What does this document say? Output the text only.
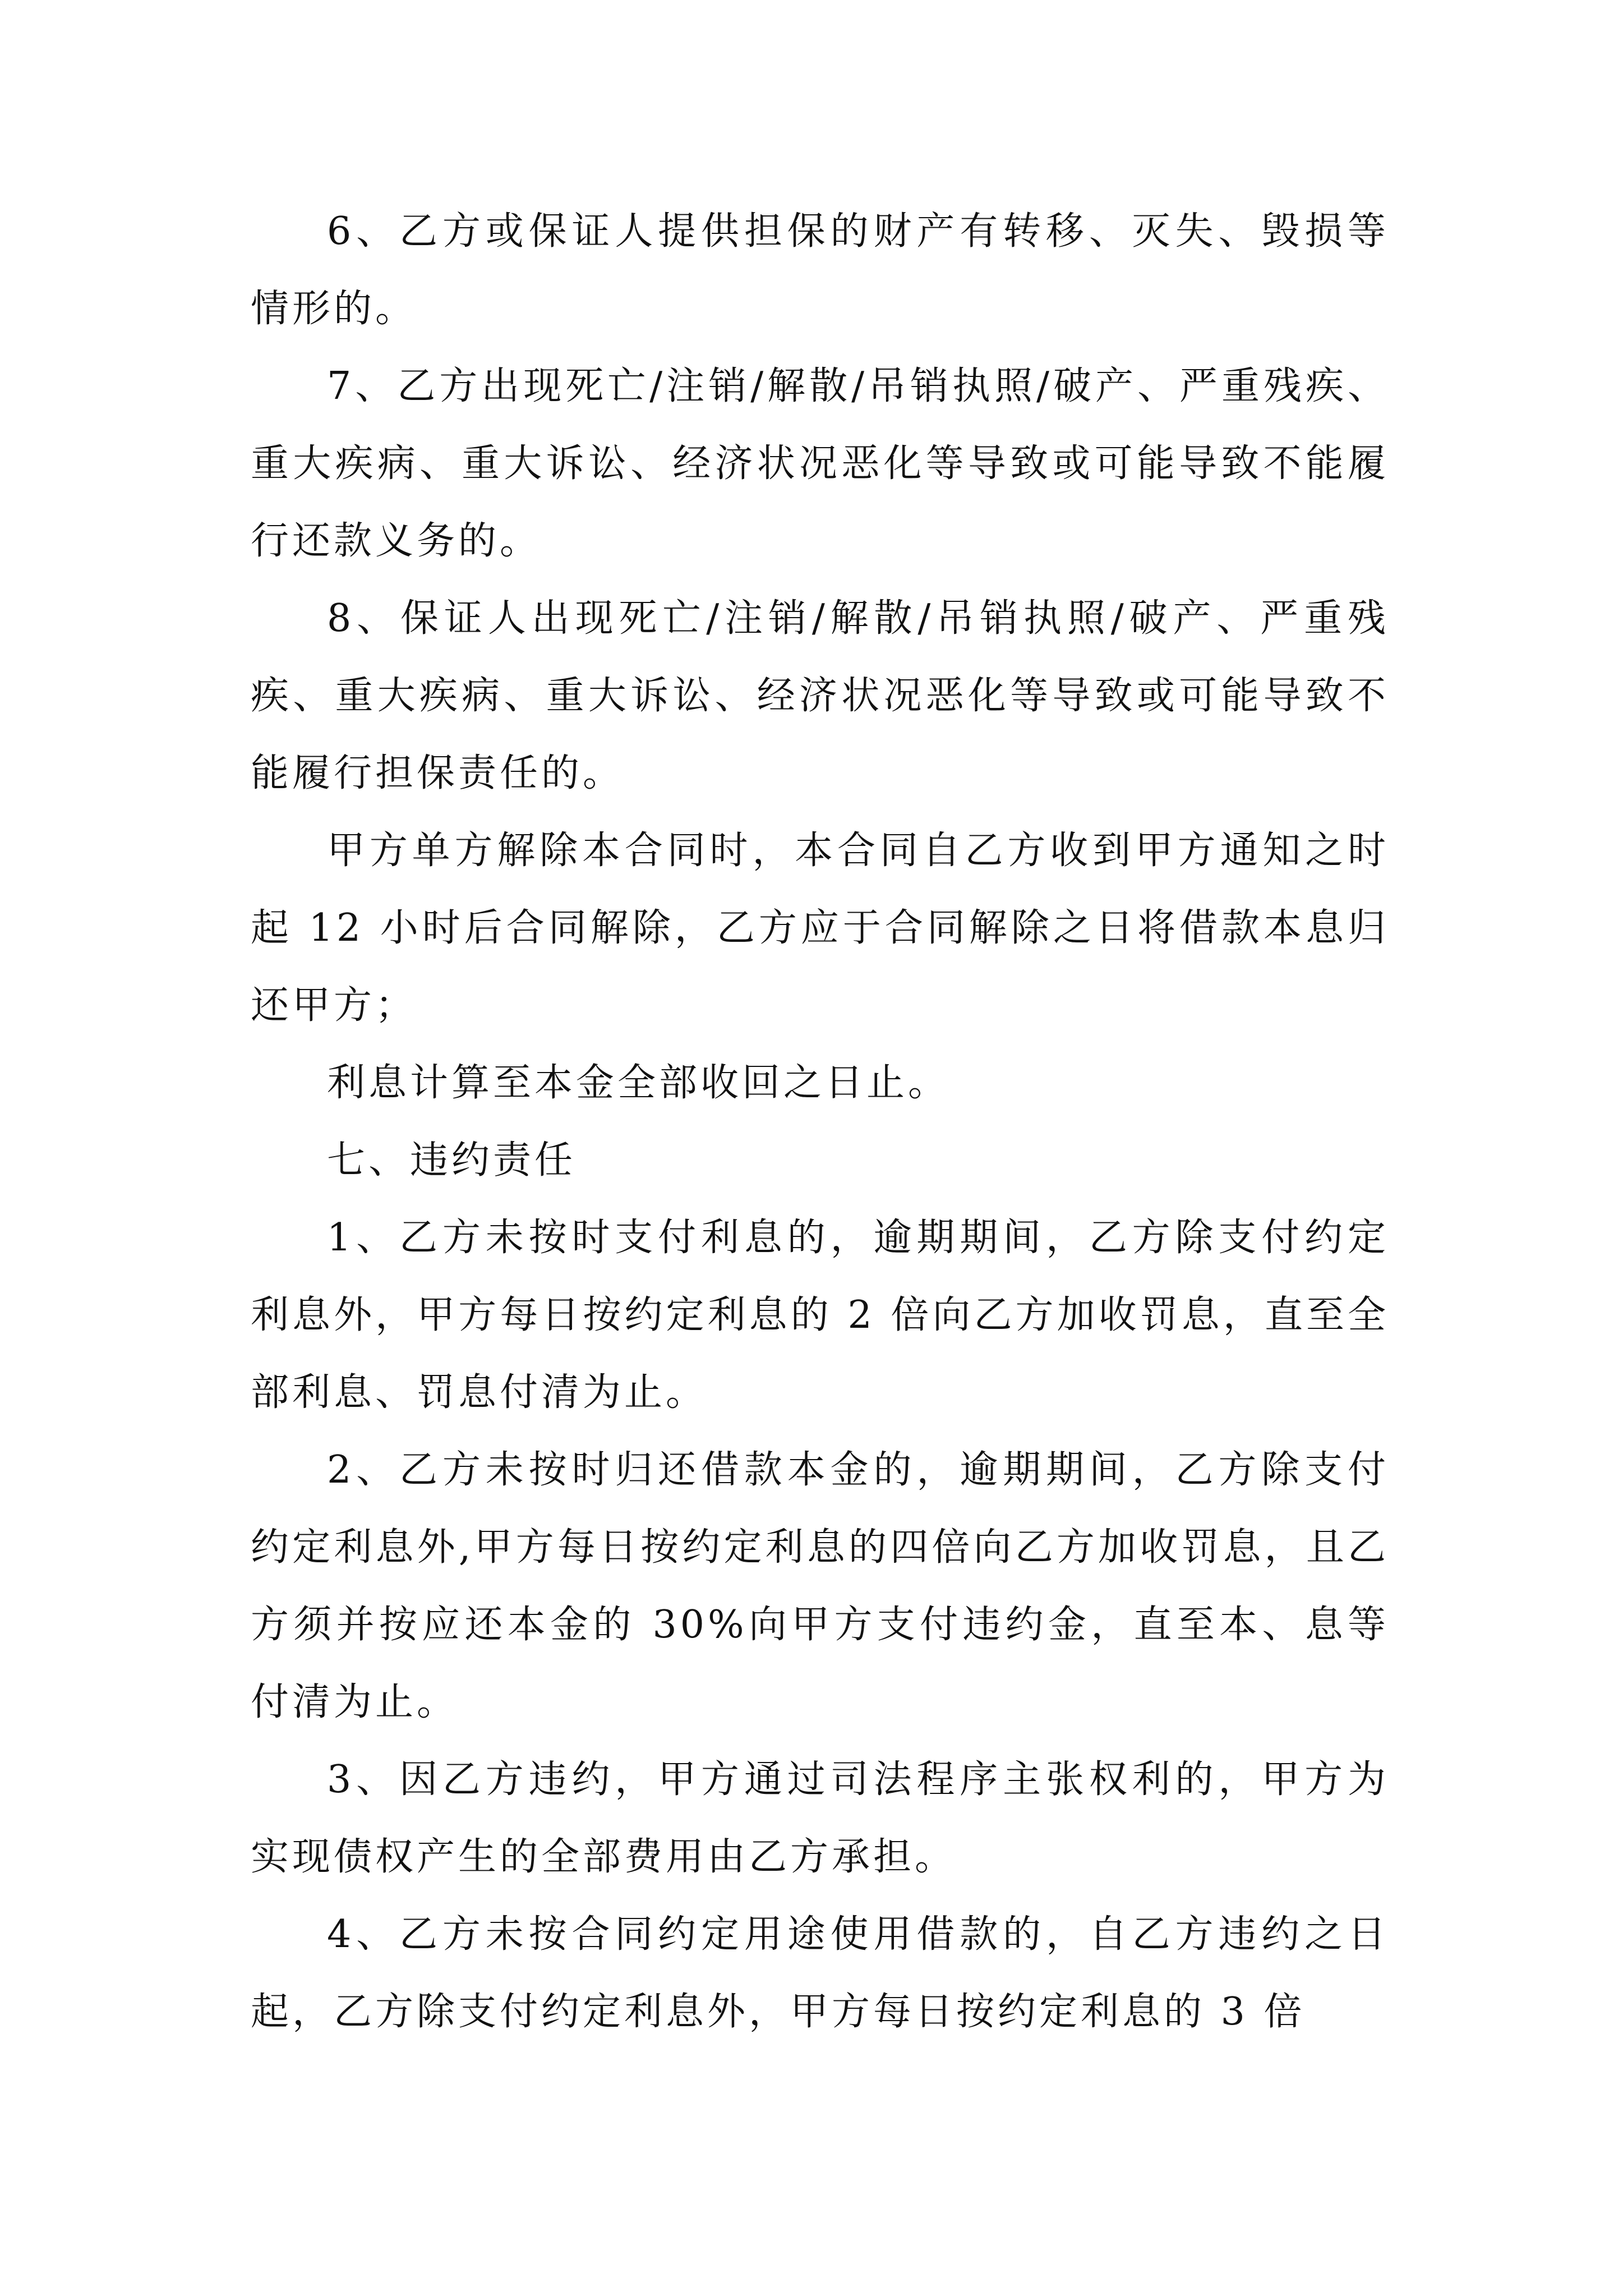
6、乙方或保证人提供担保的财产有转移、灭失、毁损等情形的。

7、乙方出现死亡/注销/解散/吊销执照/破产、严重残疾、重大疾病、重大诉讼、经济状况恶化等导致或可能导致不能履行还款义务的。

8、保证人出现死亡/注销/解散/吊销执照/破产、严重残疾、重大疾病、重大诉讼、经济状况恶化等导致或可能导致不能履行担保责任的。

甲方单方解除本合同时，本合同自乙方收到甲方通知之时起 12 小时后合同解除，乙方应于合同解除之日将借款本息归还甲方；

利息计算至本金全部收回之日止。

七、违约责任

1、乙方未按时支付利息的，逾期期间，乙方除支付约定利息外，甲方每日按约定利息的 2 倍向乙方加收罚息，直至全部利息、罚息付清为止。

2、乙方未按时归还借款本金的，逾期期间，乙方除支付约定利息外,甲方每日按约定利息的四倍向乙方加收罚息，且乙方须并按应还本金的 30%向甲方支付违约金，直至本、息等付清为止。

3、因乙方违约，甲方通过司法程序主张权利的，甲方为实现债权产生的全部费用由乙方承担。

4、乙方未按合同约定用途使用借款的，自乙方违约之日起，乙方除支付约定利息外，甲方每日按约定利息的 3 倍
